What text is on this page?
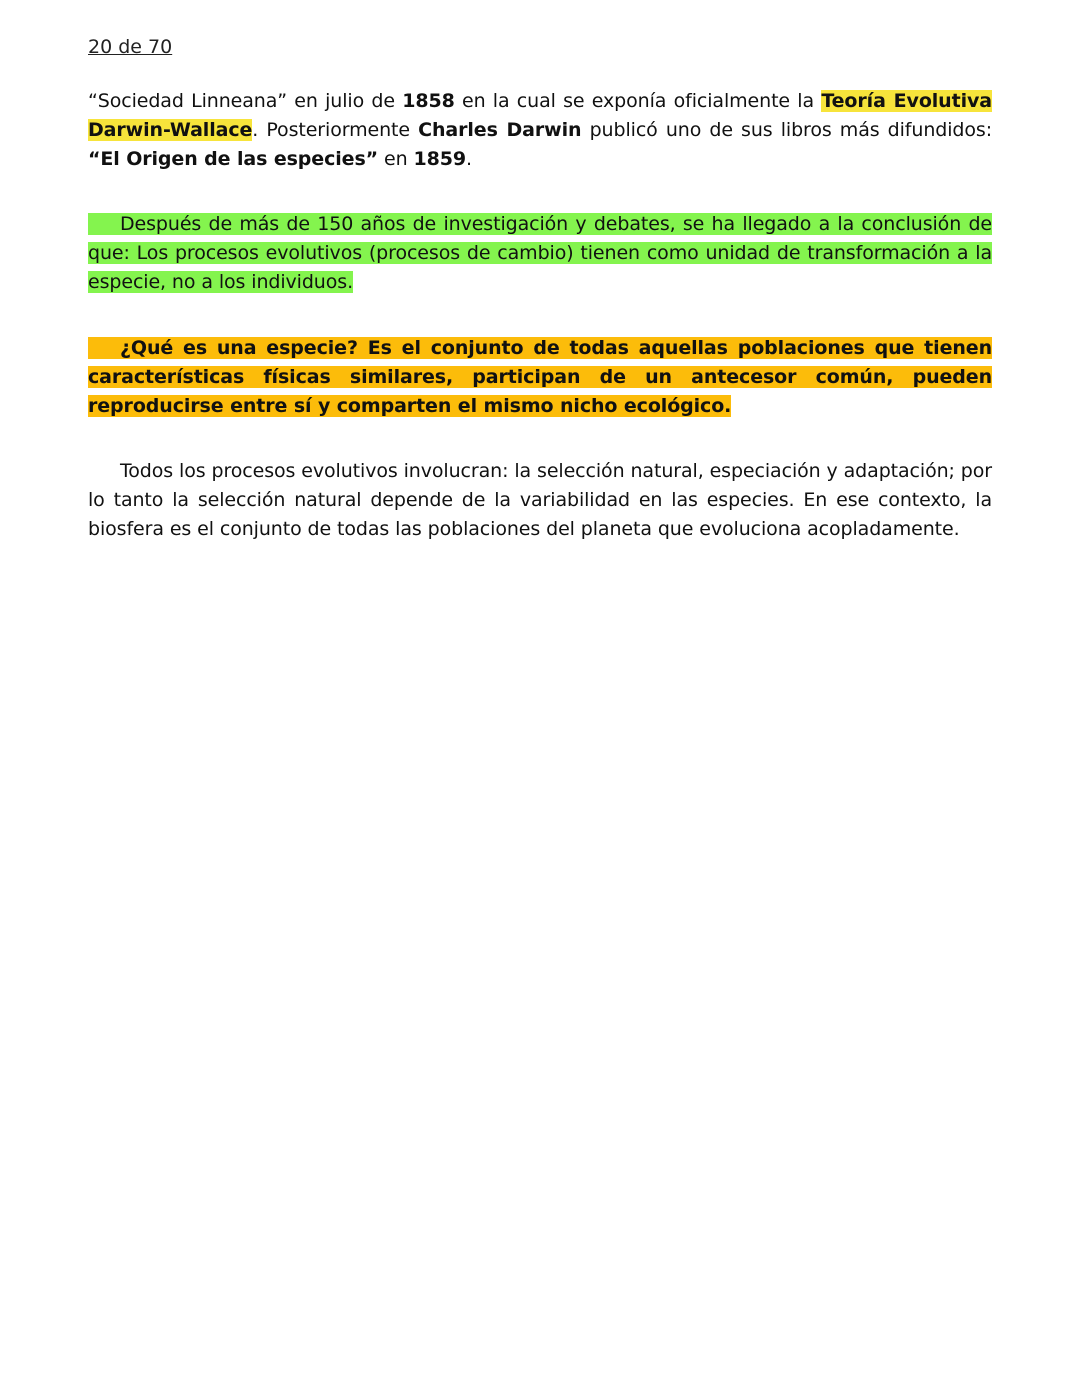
20 de 70
“Sociedad Linneana” en julio de 1858 en la cual se exponía oficialmente la Teoría Evolutiva Darwin-Wallace. Posteriormente Charles Darwin publicó uno de sus libros más difundidos: “El Origen de las especies” en 1859.
Después de más de 150 años de investigación y debates, se ha llegado a la conclusión de que: Los procesos evolutivos (procesos de cambio) tienen como unidad de transformación a la especie, no a los individuos.
¿Qué es una especie? Es el conjunto de todas aquellas poblaciones que tienen características físicas similares, participan de un antecesor común, pueden reproducirse entre sí y comparten el mismo nicho ecológico.
Todos los procesos evolutivos involucran: la selección natural, especiación y adaptación; por lo tanto la selección natural depende de la variabilidad en las especies. En ese contexto, la biosfera es el conjunto de todas las poblaciones del planeta que evoluciona acopladamente.
